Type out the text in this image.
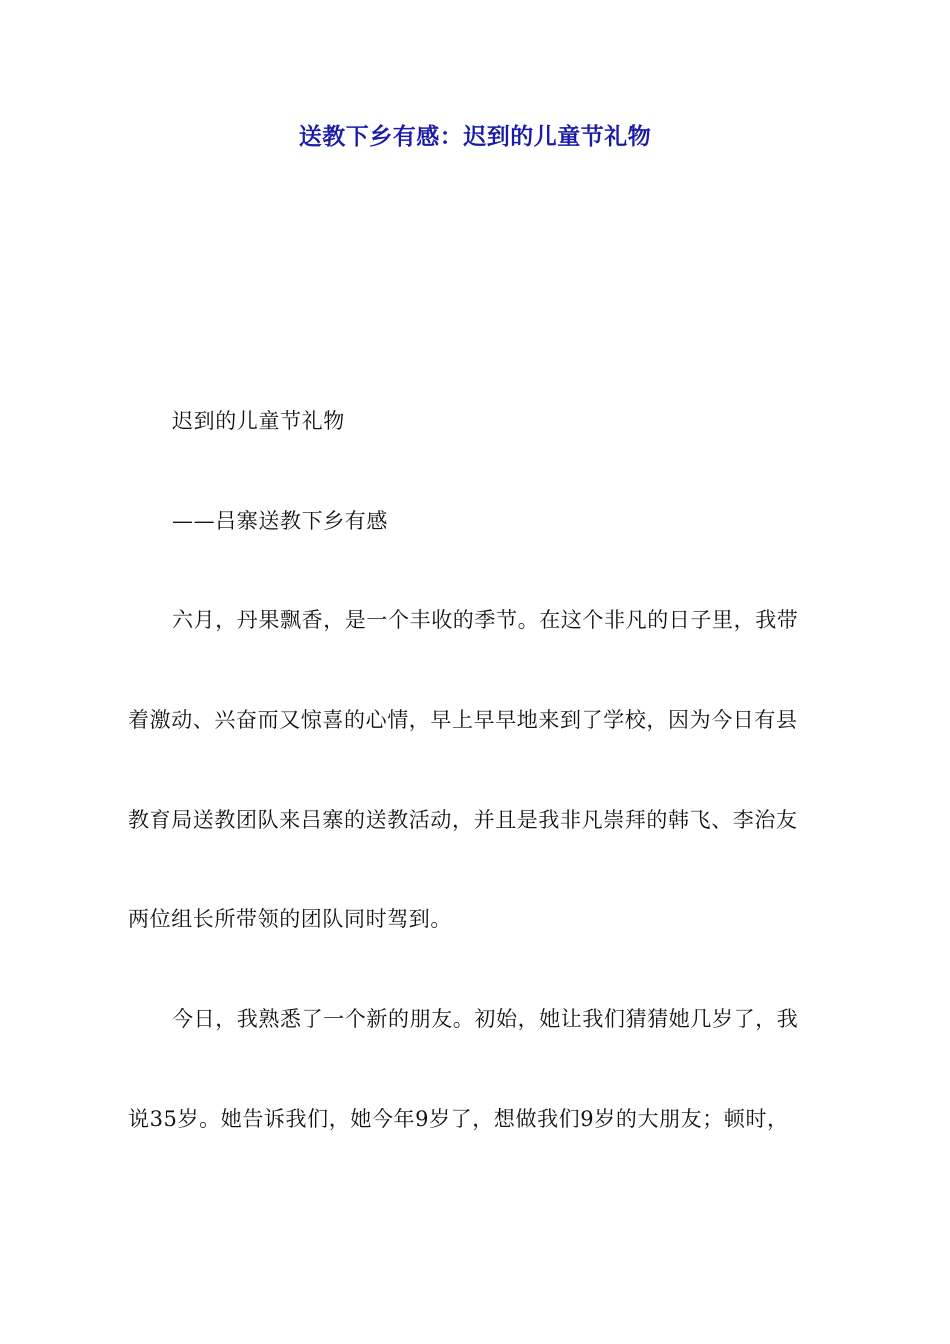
送教下乡有感：迟到的儿童节礼物
迟到的儿童节礼物
——吕寨送教下乡有感
六月，丹果飘香，是一个丰收的季节。在这个非凡的日子里，我带
着激动、兴奋而又惊喜的心情，早上早早地来到了学校，因为今日有县
教育局送教团队来吕寨的送教活动，并且是我非凡崇拜的韩飞、李治友
两位组长所带领的团队同时驾到。
今日，我熟悉了一个新的朋友。初始，她让我们猜猜她几岁了，我
说35岁。她告诉我们，她今年9岁了，想做我们9岁的大朋友；顿时，
